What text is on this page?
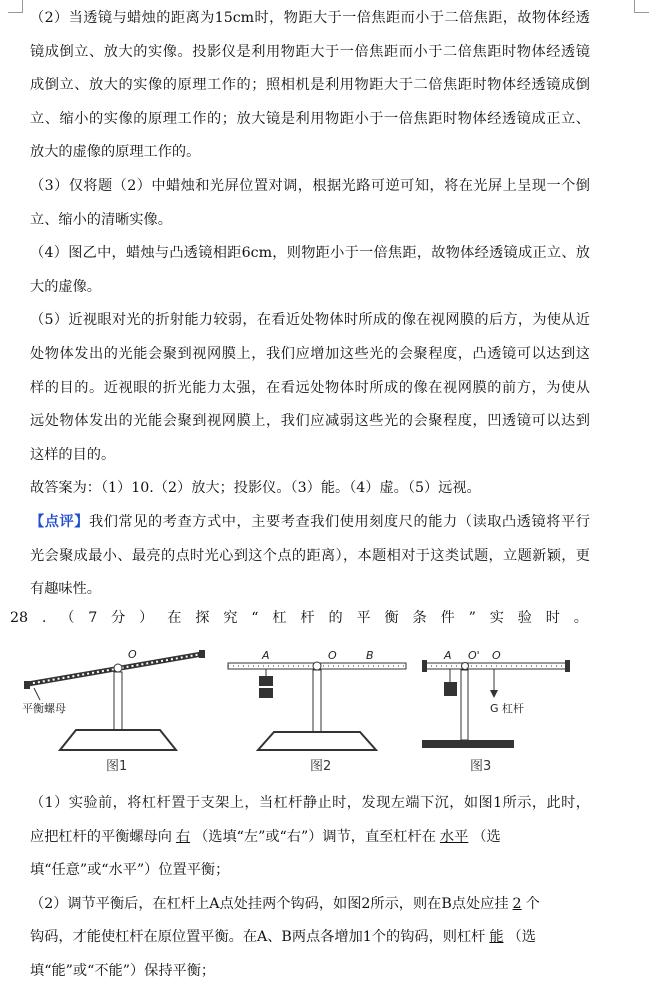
（2）当透镜与蜡烛的距离为15cm时，物距大于一倍焦距而小于二倍焦距，故物体经透
镜成倒立、放大的实像。投影仪是利用物距大于一倍焦距而小于二倍焦距时物体经透镜
成倒立、放大的实像的原理工作的；照相机是利用物距大于二倍焦距时物体经透镜成倒
立、缩小的实像的原理工作的；放大镜是利用物距小于一倍焦距时物体经透镜成正立、
放大的虚像的原理工作的。
（3）仅将题（2）中蜡烛和光屏位置对调，根据光路可逆可知，将在光屏上呈现一个倒
立、缩小的清晰实像。
（4）图乙中，蜡烛与凸透镜相距6cm，则物距小于一倍焦距，故物体经透镜成正立、放
大的虚像。
（5）近视眼对光的折射能力较弱，在看近处物体时所成的像在视网膜的后方，为使从近
处物体发出的光能会聚到视网膜上，我们应增加这些光的会聚程度，凸透镜可以达到这
样的目的。近视眼的折光能力太强，在看远处物体时所成的像在视网膜的前方，为使从
远处物体发出的光能会聚到视网膜上，我们应减弱这些光的会聚程度，凹透镜可以达到
这样的目的。
故答案为：（1）10.（2）放大；投影仪。（3）能。（4）虚。（5）远视。
【点评】我们常见的考查方式中，主要考查我们使用刻度尺的能力（读取凸透镜将平行
光会聚成最小、最亮的点时光心到这个点的距离），本题相对于这类试题，立题新颖，更
有趣味性。
28 . （ 7 分 ） 在 探 究 “ 杠 杆 的 平 衡 条 件 ” 实 验 时 。
O
平衡螺母
图1
A	O	B
图2
A O' O
G 杠杆
图3
（1）实验前，将杠杆置于支架上，当杠杆静止时，发现左端下沉，如图1所示，此时，
应把杠杆的平衡螺母向 右 （选填“左”或“右”）调节，直至杠杆在 水平 （选
填“任意”或“水平”）位置平衡；
（2）调节平衡后，在杠杆上A点处挂两个钩码，如图2所示，则在B点处应挂 2 个
钩码，才能使杠杆在原位置平衡。在A、B两点各增加1个的钩码，则杠杆 能 （选
填“能”或“不能”）保持平衡；
